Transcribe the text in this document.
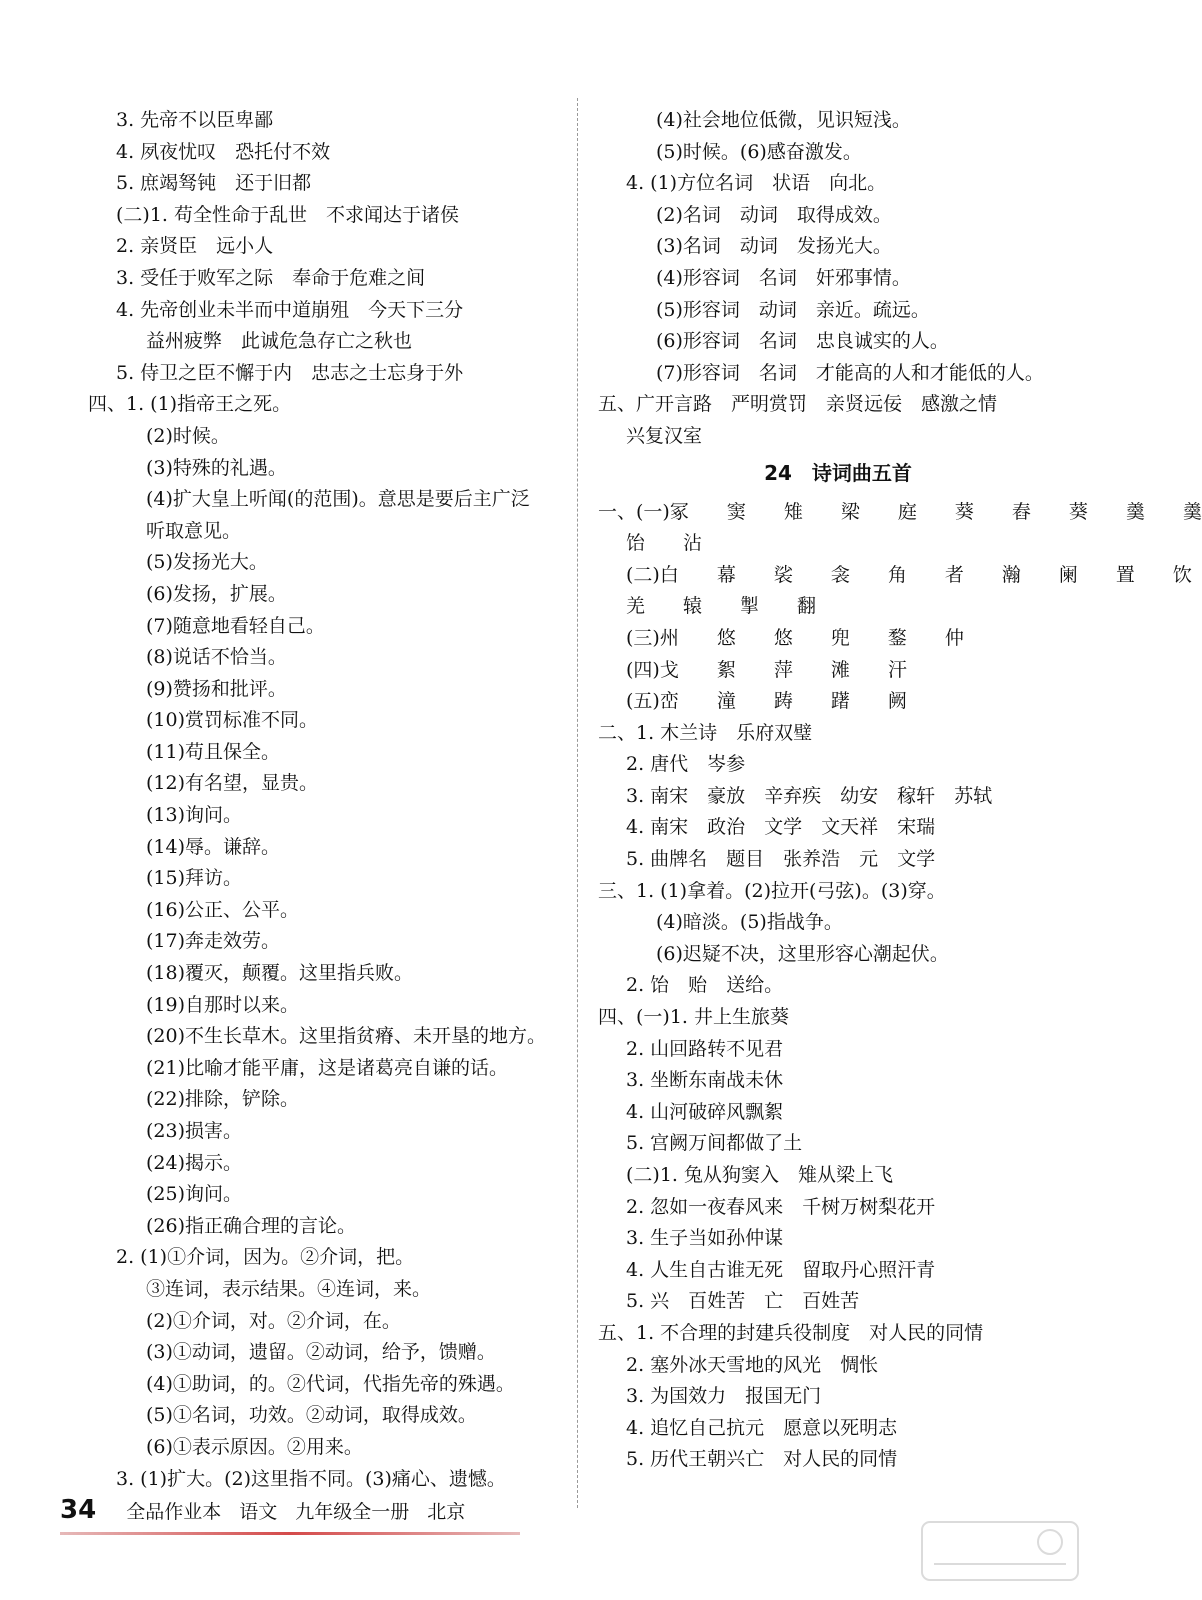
3. 先帝不以臣卑鄙
4. 夙夜忧叹　恐托付不效
5. 庶竭驽钝　还于旧都
(二)1. 苟全性命于乱世　不求闻达于诸侯
2. 亲贤臣　远小人
3. 受任于败军之际　奉命于危难之间
4. 先帝创业未半而中道崩殂　今天下三分
益州疲弊　此诚危急存亡之秋也
5. 侍卫之臣不懈于内　忠志之士忘身于外
四、1. (1)指帝王之死。
(2)时候。
(3)特殊的礼遇。
(4)扩大皇上听闻(的范围)。意思是要后主广泛
听取意见。
(5)发扬光大。
(6)发扬，扩展。
(7)随意地看轻自己。
(8)说话不恰当。
(9)赞扬和批评。
(10)赏罚标准不同。
(11)苟且保全。
(12)有名望，显贵。
(13)询问。
(14)辱。谦辞。
(15)拜访。
(16)公正、公平。
(17)奔走效劳。
(18)覆灭，颠覆。这里指兵败。
(19)自那时以来。
(20)不生长草木。这里指贫瘠、未开垦的地方。
(21)比喻才能平庸，这是诸葛亮自谦的话。
(22)排除，铲除。
(23)损害。
(24)揭示。
(25)询问。
(26)指正确合理的言论。
2. (1)①介词，因为。②介词，把。
③连词，表示结果。④连词，来。
(2)①介词，对。②介词，在。
(3)①动词，遗留。②动词，给予，馈赠。
(4)①助词，的。②代词，代指先帝的殊遇。
(5)①名词，功效。②动词，取得成效。
(6)①表示原因。②用来。
3. (1)扩大。(2)这里指不同。(3)痛心、遗憾。
(4)社会地位低微，见识短浅。
(5)时候。(6)感奋激发。
4. (1)方位名词　状语　向北。
(2)名词　动词　取得成效。
(3)名词　动词　发扬光大。
(4)形容词　名词　奸邪事情。
(5)形容词　动词　亲近。疏远。
(6)形容词　名词　忠良诚实的人。
(7)形容词　名词　才能高的人和才能低的人。
五、广开言路　严明赏罚　亲贤远佞　感激之情
兴复汉室
24　诗词曲五首
一、(一)冢　　窦　　雉　　梁　　庭　　葵　　舂　　葵　　羹　　羹
饴　　沾
(二)白　　幕　　裟　　衾　　角　　者　　瀚　　阑　　置　　饮
羌　　辕　　掣　　翻
(三)州　　悠　　悠　　兜　　鍪　　仲
(四)戈　　絮　　萍　　滩　　汗
(五)峦　　潼　　踌　　躇　　阙
二、1. 木兰诗　乐府双璧
2. 唐代　岑参
3. 南宋　豪放　辛弃疾　幼安　稼轩　苏轼
4. 南宋　政治　文学　文天祥　宋瑞
5. 曲牌名　题目　张养浩　元　文学
三、1. (1)拿着。(2)拉开(弓弦)。(3)穿。
(4)暗淡。(5)指战争。
(6)迟疑不决，这里形容心潮起伏。
2. 饴　贻　送给。
四、(一)1. 井上生旅葵
2. 山回路转不见君
3. 坐断东南战未休
4. 山河破碎风飘絮
5. 宫阙万间都做了土
(二)1. 兔从狗窦入　雉从梁上飞
2. 忽如一夜春风来　千树万树梨花开
3. 生子当如孙仲谋
4. 人生自古谁无死　留取丹心照汗青
5. 兴　百姓苦　亡　百姓苦
五、1. 不合理的封建兵役制度　对人民的同情
2. 塞外冰天雪地的风光　惆怅
3. 为国效力　报国无门
4. 追忆自己抗元　愿意以死明志
5. 历代王朝兴亡　对人民的同情
34 全品作业本 语文 九年级全一册 北京
